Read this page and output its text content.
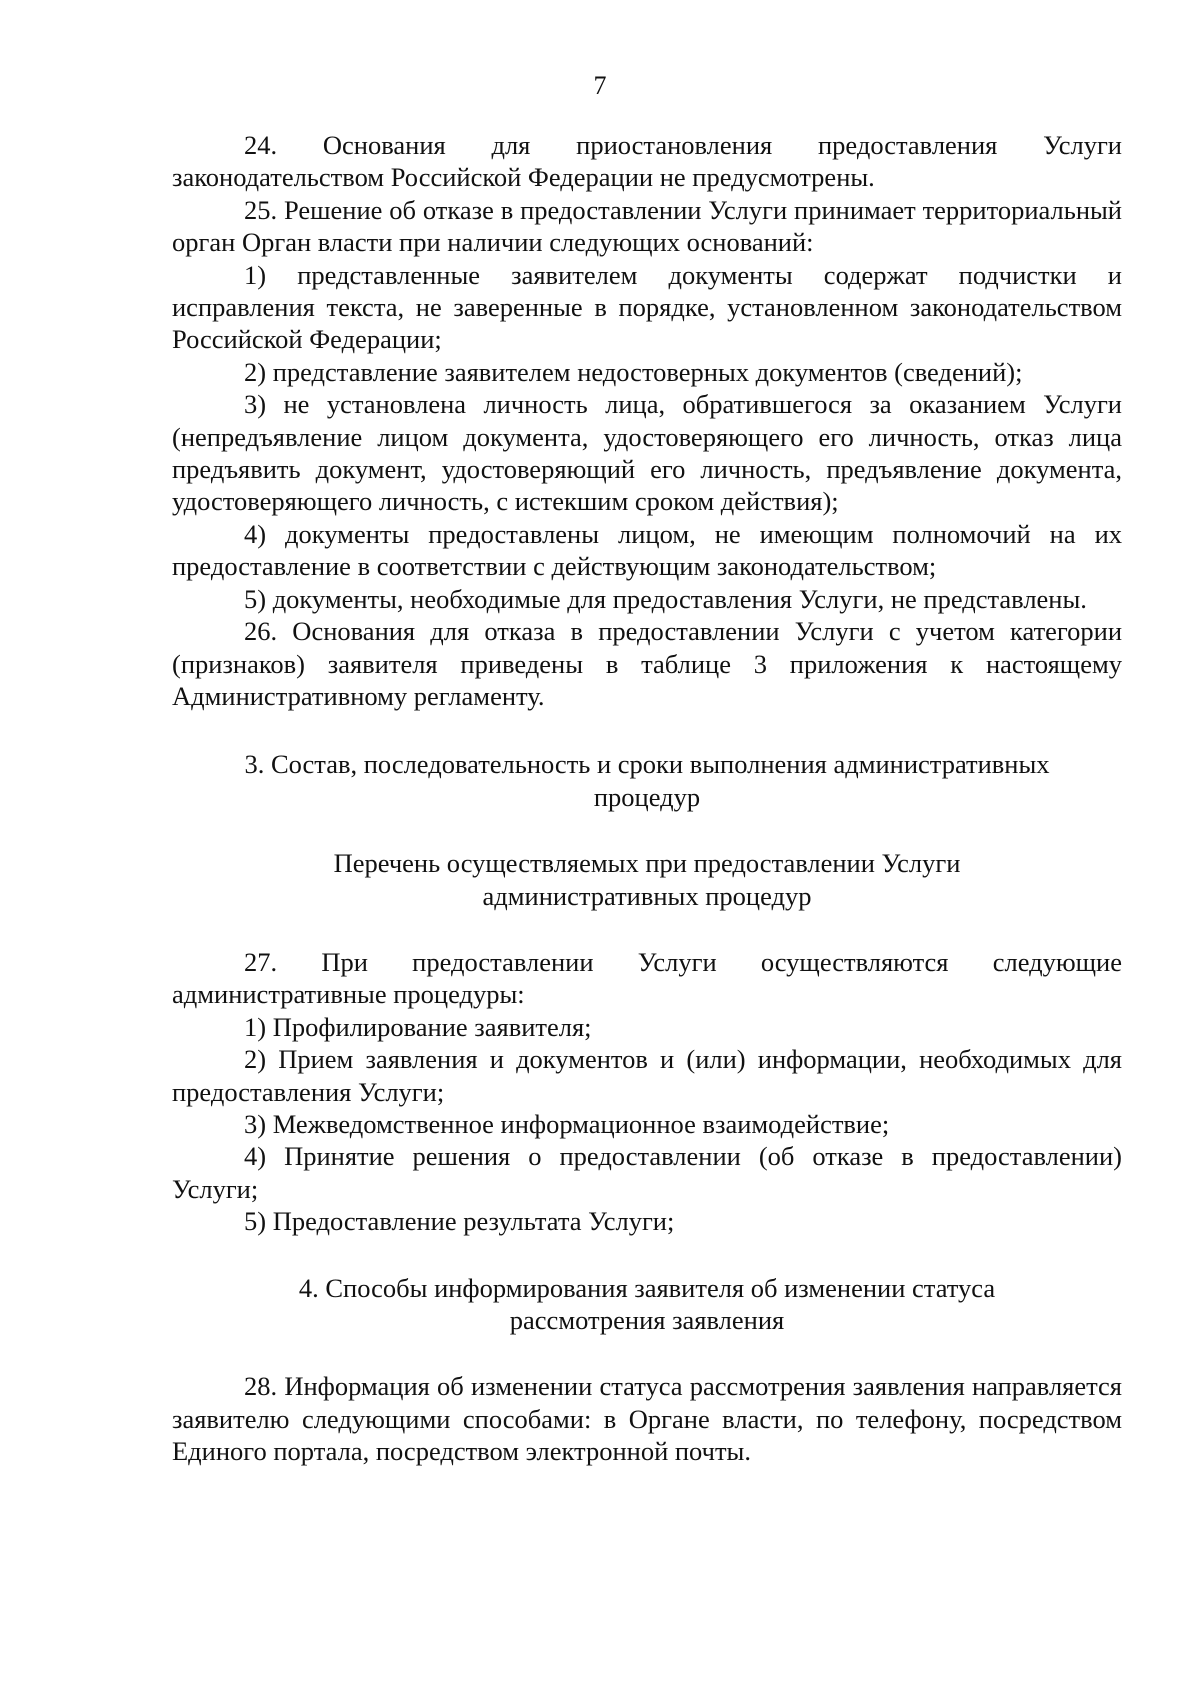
7

24. Основания для приостановления предоставления Услуги законодательством Российской Федерации не предусмотрены.

25. Решение об отказе в предоставлении Услуги принимает территориальный орган Орган власти при наличии следующих оснований:

1) представленные заявителем документы содержат подчистки и исправления текста, не заверенные в порядке, установленном законодательством Российской Федерации;

2) представление заявителем недостоверных документов (сведений);

3) не установлена личность лица, обратившегося за оказанием Услуги (непредъявление лицом документа, удостоверяющего его личность, отказ лица предъявить документ, удостоверяющий его личность, предъявление документа, удостоверяющего личность, с истекшим сроком действия);

4) документы предоставлены лицом, не имеющим полномочий на их предоставление в соответствии с действующим законодательством;

5) документы, необходимые для предоставления Услуги, не представлены.

26. Основания для отказа в предоставлении Услуги с учетом категории (признаков) заявителя приведены в таблице 3 приложения к настоящему Административному регламенту.

3. Состав, последовательность и сроки выполнения административных процедур

Перечень осуществляемых при предоставлении Услуги административных процедур

27. При предоставлении Услуги осуществляются следующие административные процедуры:

1) Профилирование заявителя;

2) Прием заявления и документов и (или) информации, необходимых для предоставления Услуги;

3) Межведомственное информационное взаимодействие;

4) Принятие решения о предоставлении (об отказе в предоставлении) Услуги;

5) Предоставление результата Услуги;

4. Способы информирования заявителя об изменении статуса рассмотрения заявления

28. Информация об изменении статуса рассмотрения заявления направляется заявителю следующими способами: в Органе власти, по телефону, посредством Единого портала, посредством электронной почты.
